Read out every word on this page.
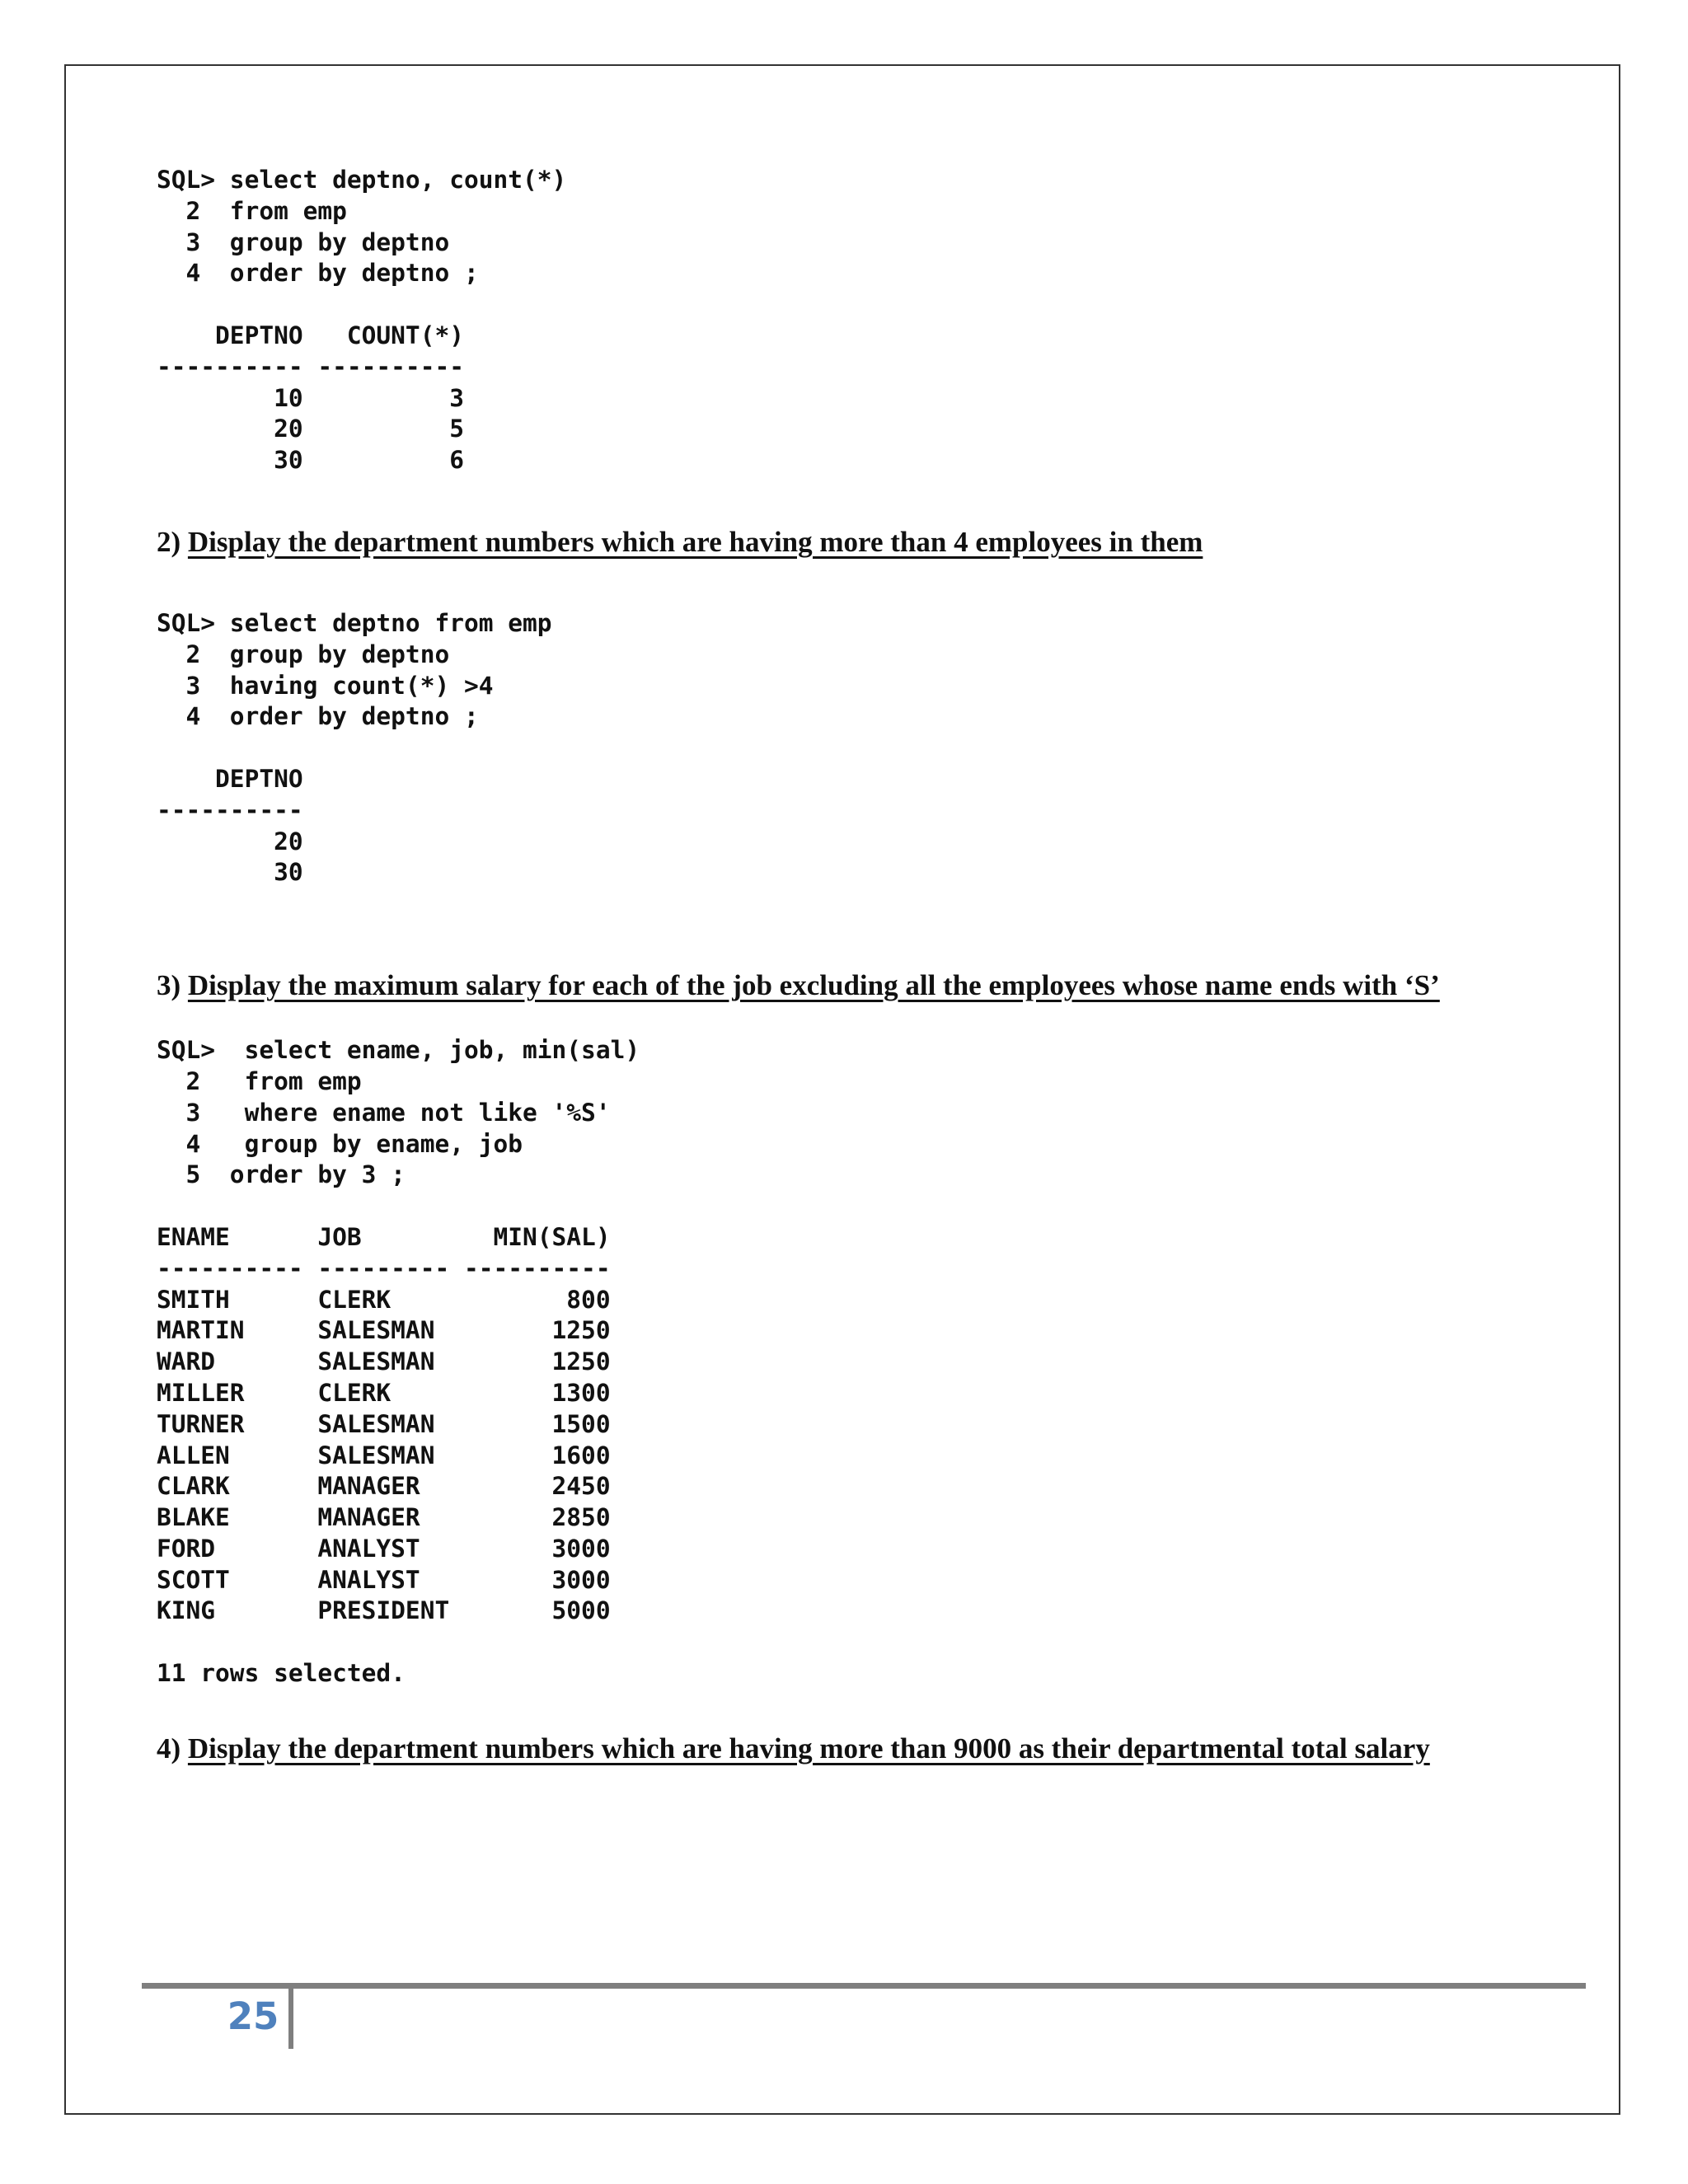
SQL> select deptno, count(*)
2  from emp
3  group by deptno
4  order by deptno ;

DEPTNO   COUNT(*)
---------- ----------
10          3
20          5
30          6

2) Display the department numbers which are having more than 4 employees in them

SQL> select deptno from emp
2  group by deptno
3  having count(*) >4
4  order by deptno ;

DEPTNO
----------
20
30

3) Display the maximum salary for each of the job excluding all the employees whose name ends with ‘S’

SQL>  select ename, job, min(sal)
2   from emp
3   where ename not like '%S'
4   group by ename, job
5  order by 3 ;

ENAME      JOB         MIN(SAL)
---------- --------- ----------
SMITH      CLERK            800
MARTIN     SALESMAN        1250
WARD       SALESMAN        1250
MILLER     CLERK           1300
TURNER     SALESMAN        1500
ALLEN      SALESMAN        1600
CLARK      MANAGER         2450
BLAKE      MANAGER         2850
FORD       ANALYST         3000
SCOTT      ANALYST         3000
KING       PRESIDENT       5000

11 rows selected.

4) Display the department numbers which are having more than 9000 as their departmental total salary

25
